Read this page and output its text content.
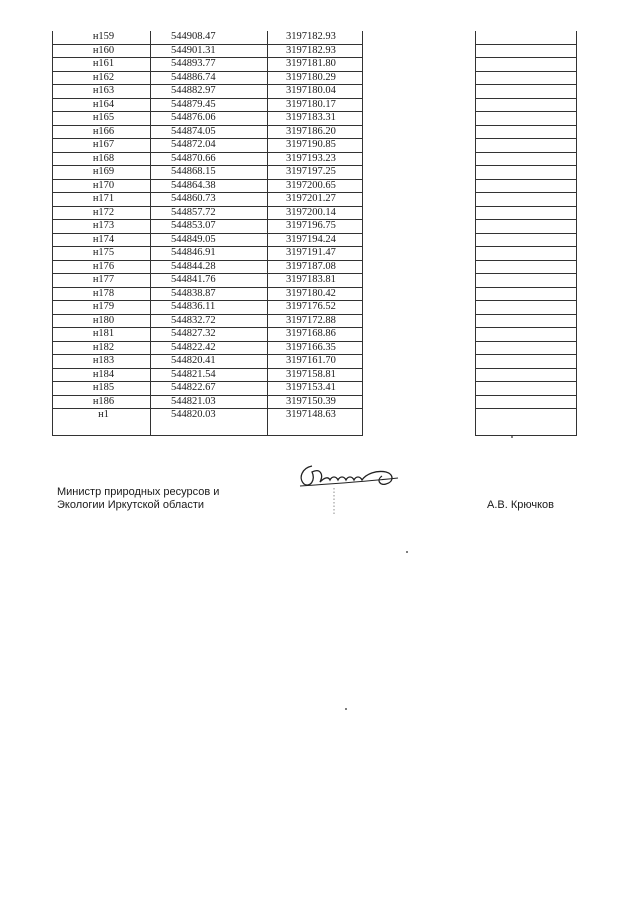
н159	544908.47	3197182.93		
н160	544901.31	3197182.93		
н161	544893.77	3197181.80		
н162	544886.74	3197180.29		
н163	544882.97	3197180.04		
н164	544879.45	3197180.17		
н165	544876.06	3197183.31		
н166	544874.05	3197186.20		
н167	544872.04	3197190.85		
н168	544870.66	3197193.23		
н169	544868.15	3197197.25		
н170	544864.38	3197200.65		
н171	544860.73	3197201.27		
н172	544857.72	3197200.14		
н173	544853.07	3197196.75		
н174	544849.05	3197194.24		
н175	544846.91	3197191.47		
н176	544844.28	3197187.08		
н177	544841.76	3197183.81		
н178	544838.87	3197180.42		
н179	544836.11	3197176.52		
н180	544832.72	3197172.88		
н181	544827.32	3197168.86		
н182	544822.42	3197166.35		
н183	544820.41	3197161.70		
н184	544821.54	3197158.81		
н185	544822.67	3197153.41		
н186	544821.03	3197150.39		
н1	544820.03	3197148.63		
Министр природных ресурсов и
Экологии Иркутской области	А.В. Крючков
